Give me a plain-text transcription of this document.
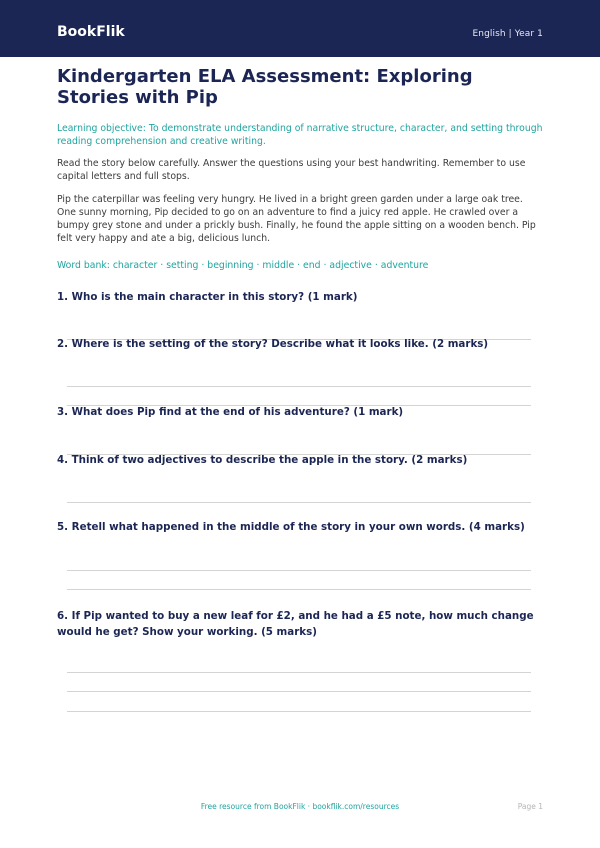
BookFlik	English | Year 1
Kindergarten ELA Assessment: Exploring Stories with Pip

Learning objective: To demonstrate understanding of narrative structure, character, and setting through reading comprehension and creative writing.

Read the story below carefully. Answer the questions using your best handwriting. Remember to use capital letters and full stops.

Pip the caterpillar was feeling very hungry. He lived in a bright green garden under a large oak tree. One sunny morning, Pip decided to go on an adventure to find a juicy red apple. He crawled over a bumpy grey stone and under a prickly bush. Finally, he found the apple sitting on a wooden bench. Pip felt very happy and ate a big, delicious lunch.

Word bank: character · setting · beginning · middle · end · adjective · adventure

1. Who is the main character in this story? (1 mark)
2. Where is the setting of the story? Describe what it looks like. (2 marks)
3. What does Pip find at the end of his adventure? (1 mark)
4. Think of two adjectives to describe the apple in the story. (2 marks)
5. Retell what happened in the middle of the story in your own words. (4 marks)
6. If Pip wanted to buy a new leaf for £2, and he had a £5 note, how much change would he get? Show your working. (5 marks)
Free resource from BookFlik · bookflik.com/resources	Page 1
